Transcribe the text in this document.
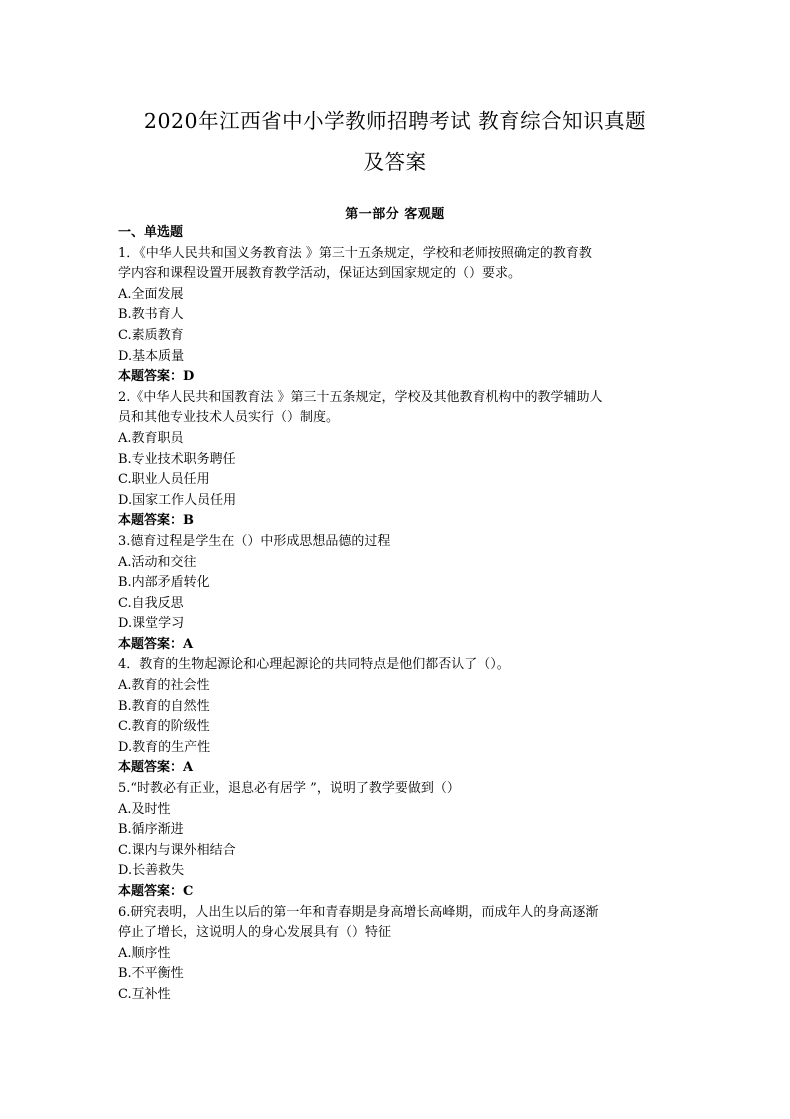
2020年江西省中小学教师招聘考试 教育综合知识真题
及答案
第一部分 客观题
一、单选题
1．《中华人民共和国义务教育法 》第三十五条规定，学校和老师按照确定的教育教
学内容和课程设置开展教育教学活动，保证达到国家规定的（）要求。
A.全面发展
B.教书育人
C.素质教育
D.基本质量
本题答案：D
2.《中华人民共和国教育法 》第三十五条规定，学校及其他教育机构中的教学辅助人
员和其他专业技术人员实行（）制度。
A.教育职员
B.专业技术职务聘任
C.职业人员任用
D.国家工作人员任用
本题答案：B
3.德育过程是学生在（）中形成思想品德的过程
A.活动和交往
B.内部矛盾转化
C.自我反思
D.课堂学习
本题答案：A
4．教育的生物起源论和心理起源论的共同特点是他们都否认了（）。
A.教育的社会性
B.教育的自然性
C.教育的阶级性
D.教育的生产性
本题答案：A
5.“时教必有正业，退息必有居学 ”，说明了教学要做到（）
A.及时性
B.循序渐进
C.课内与课外相结合
D.长善救失
本题答案：C
6.研究表明，人出生以后的第一年和青春期是身高增长高峰期，而成年人的身高逐渐
停止了增长，这说明人的身心发展具有（）特征
A.顺序性
B.不平衡性
C.互补性
